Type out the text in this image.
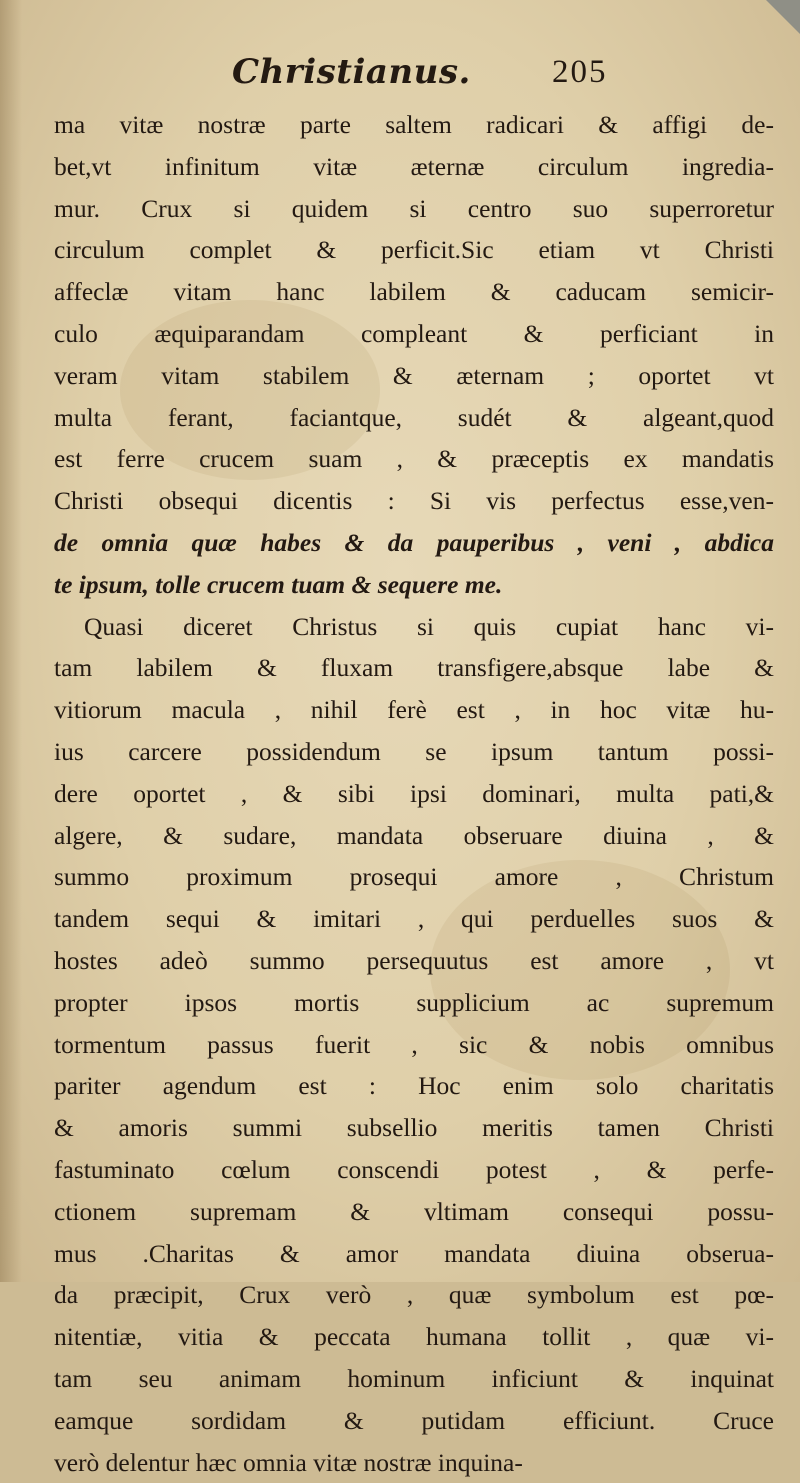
Christianus. 205
ma vitæ nostræ parte saltem radicari & affigi de-
bet,vt infinitum vitæ æternæ circulum ingredia-
mur. Crux si quidem si centro suo superroretur
circulum complet & perficit.Sic etiam vt Christi
affeclæ vitam hanc labilem & caducam semicir-
culo æquiparandam compleant & perficiant in
veram vitam stabilem & æternam ; oportet vt
multa ferant, faciantque, sudét & algeant,quod
est ferre crucem suam , & præceptis ex mandatis
Christi obsequi dicentis : Si vis perfectus esse,ven-
de omnia quæ habes & da pauperibus , veni , abdica
te ipsum, tolle crucem tuam & sequere me.
Quasi diceret Christus si quis cupiat hanc vi-
tam labilem & fluxam transfigere,absque labe &
vitiorum macula , nihil ferè est , in hoc vitæ hu-
ius carcere possidendum se ipsum tantum possi-
dere oportet , & sibi ipsi dominari, multa pati,&
algere, & sudare, mandata obseruare diuina , &
summo proximum prosequi amore , Christum
tandem sequi & imitari , qui perduelles suos &
hostes adeò summo persequutus est amore , vt
propter ipsos mortis supplicium ac supremum
tormentum passus fuerit , sic & nobis omnibus
pariter agendum est : Hoc enim solo charitatis
& amoris summi subsellio meritis tamen Christi
fastuminato cœlum conscendi potest , & perfe-
ctionem supremam & vltimam consequi possu-
mus .Charitas & amor mandata diuina obserua-
da præcipit, Crux verò , quæ symbolum est pœ-
nitentiæ, vitia & peccata humana tollit , quæ vi-
tam seu animam hominum inficiunt & inquinat
eamque sordidam & putidam efficiunt. Cruce
verò delentur hæc omnia vitæ nostræ inquina-
